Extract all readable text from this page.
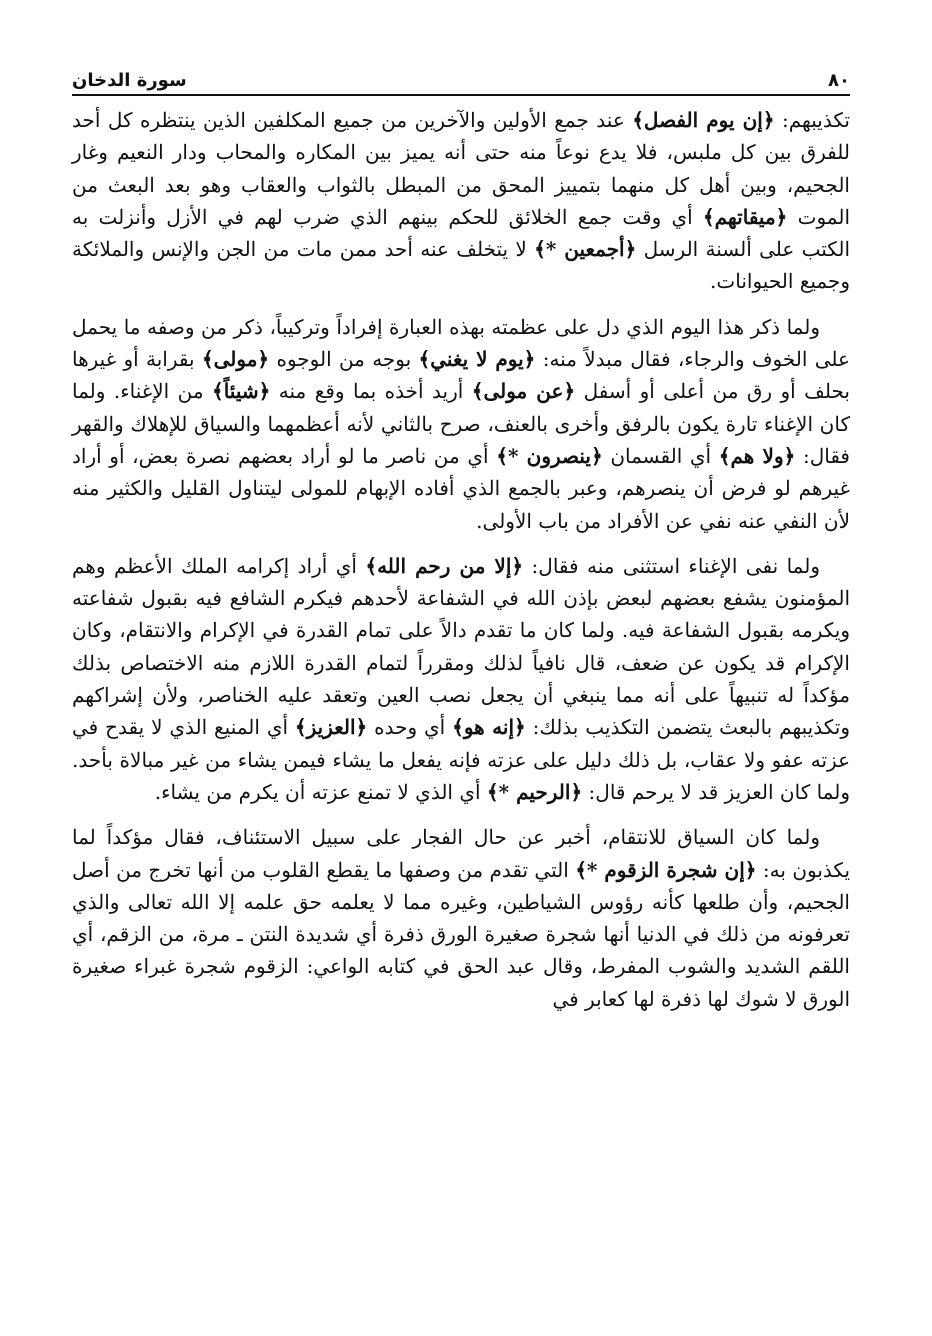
٨٠
سورة الدخان

تكذيبهم: ﴿إن يوم الفصل﴾ عند جمع الأولين والآخرين من جميع المكلفين الذين ينتظره كل أحد للفرق بين كل ملبس، فلا يدع نوعاً منه حتى أنه يميز بين المكاره والمحاب ودار النعيم وغار الجحيم، وبين أهل كل منهما بتمييز المحق من المبطل بالثواب والعقاب وهو بعد البعث من الموت ﴿ميقاتهم﴾ أي وقت جمع الخلائق للحكم بينهم الذي ضرب لهم في الأزل وأنزلت به الكتب على ألسنة الرسل ﴿أجمعين *﴾ لا يتخلف عنه أحد ممن مات من الجن والإنس والملائكة وجميع الحيوانات.

ولما ذكر هذا اليوم الذي دل على عظمته بهذه العبارة إفراداً وتركيباً، ذكر من وصفه ما يحمل على الخوف والرجاء، فقال مبدلاً منه: ﴿يوم لا يغني﴾ بوجه من الوجوه ﴿مولى﴾ بقرابة أو غيرها بحلف أو رق من أعلى أو أسفل ﴿عن مولى﴾ أريد أخذه بما وقع منه ﴿شيئاً﴾ من الإغناء. ولما كان الإغناء تارة يكون بالرفق وأخرى بالعنف، صرح بالثاني لأنه أعظمهما والسياق للإهلاك والقهر فقال: ﴿ولا هم﴾ أي القسمان ﴿ينصرون *﴾ أي من ناصر ما لو أراد بعضهم نصرة بعض، أو أراد غيرهم لو فرض أن ينصرهم، وعبر بالجمع الذي أفاده الإبهام للمولى ليتناول القليل والكثير منه لأن النفي عنه نفي عن الأفراد من باب الأولى.

ولما نفى الإغناء استثنى منه فقال: ﴿إلا من رحم الله﴾ أي أراد إكرامه الملك الأعظم وهم المؤمنون يشفع بعضهم لبعض بإذن الله في الشفاعة لأحدهم فيكرم الشافع فيه بقبول شفاعته ويكرمه بقبول الشفاعة فيه. ولما كان ما تقدم دالاً على تمام القدرة في الإكرام والانتقام، وكان الإكرام قد يكون عن ضعف، قال نافياً لذلك ومقرراً لتمام القدرة اللازم منه الاختصاص بذلك مؤكداً له تنبيهاً على أنه مما ينبغي أن يجعل نصب العين وتعقد عليه الخناصر، ولأن إشراكهم وتكذيبهم بالبعث يتضمن التكذيب بذلك: ﴿إنه هو﴾ أي وحده ﴿العزيز﴾ أي المنيع الذي لا يقدح في عزته عفو ولا عقاب، بل ذلك دليل على عزته فإنه يفعل ما يشاء فيمن يشاء من غير مبالاة بأحد. ولما كان العزيز قد لا يرحم قال: ﴿الرحيم *﴾ أي الذي لا تمنع عزته أن يكرم من يشاء.

ولما كان السياق للانتقام، أخبر عن حال الفجار على سبيل الاستئناف، فقال مؤكداً لما يكذبون به: ﴿إن شجرة الزقوم *﴾ التي تقدم من وصفها ما يقطع القلوب من أنها تخرج من أصل الجحيم، وأن طلعها كأنه رؤوس الشياطين، وغيره مما لا يعلمه حق علمه إلا الله تعالى والذي تعرفونه من ذلك في الدنيا أنها شجرة صغيرة الورق ذفرة أي شديدة النتن ـ مرة، من الزقم، أي اللقم الشديد والشوب المفرط، وقال عبد الحق في كتابه الواعي: الزقوم شجرة غبراء صغيرة الورق لا شوك لها ذفرة لها كعابر في
